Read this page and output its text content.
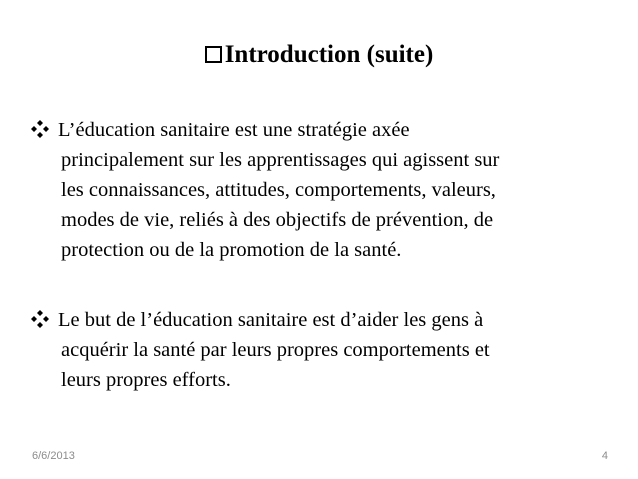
Introduction (suite)
L’éducation sanitaire est une stratégie axée
principalement sur les apprentissages qui agissent sur
les connaissances, attitudes, comportements, valeurs,
modes de vie, reliés à des objectifs de prévention, de
protection ou de la promotion de la santé.
Le but de l’éducation sanitaire est d’aider les gens à
acquérir la santé par leurs propres comportements et
leurs propres efforts.
6/6/2013	4
